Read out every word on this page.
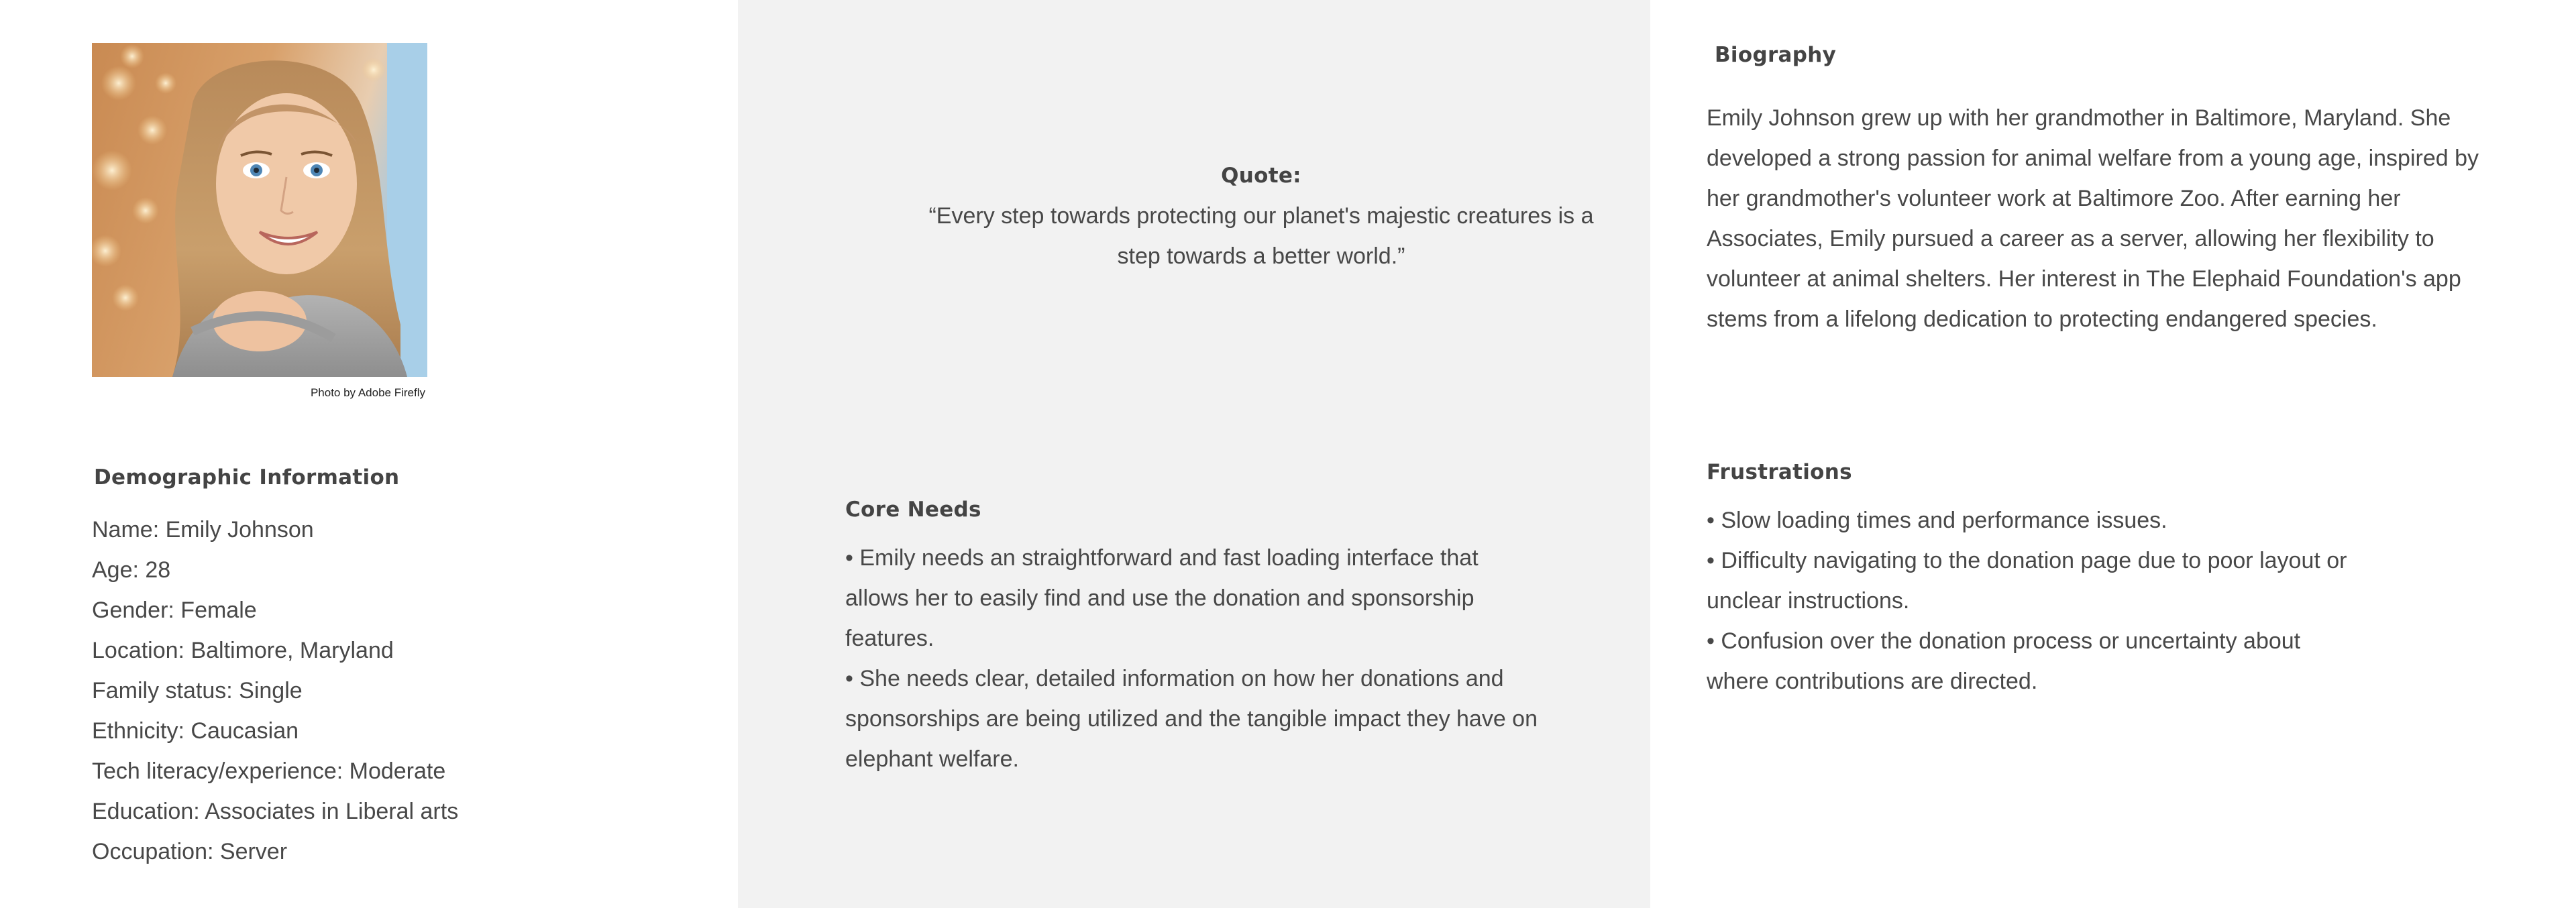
Photo by Adobe Firefly
Demographic Information
Name: Emily Johnson
Age: 28
Gender: Female
Location: Baltimore, Maryland
Family status: Single
Ethnicity: Caucasian
Tech literacy/experience: Moderate
Education: Associates in Liberal arts
Occupation: Server
Quote:

“Every step towards protecting our planet's majestic creatures is a step towards a better world.”

Core Needs
• Emily needs an straightforward and fast loading interface that allows her to easily find and use the donation and sponsorship features.
• She needs clear, detailed information on how her donations and sponsorships are being utilized and the tangible impact they have on elephant welfare.
Biography

Emily Johnson grew up with her grandmother in Baltimore, Maryland. She developed a strong passion for animal welfare from a young age, inspired by her grandmother's volunteer work at Baltimore Zoo. After earning her Associates, Emily pursued a career as a server, allowing her flexibility to volunteer at animal shelters. Her interest in The Elephaid Foundation's app stems from a lifelong dedication to protecting endangered species.

Frustrations
• Slow loading times and performance issues.
• Difficulty navigating to the donation page due to poor layout or unclear instructions.
• Confusion over the donation process or uncertainty about where contributions are directed.
